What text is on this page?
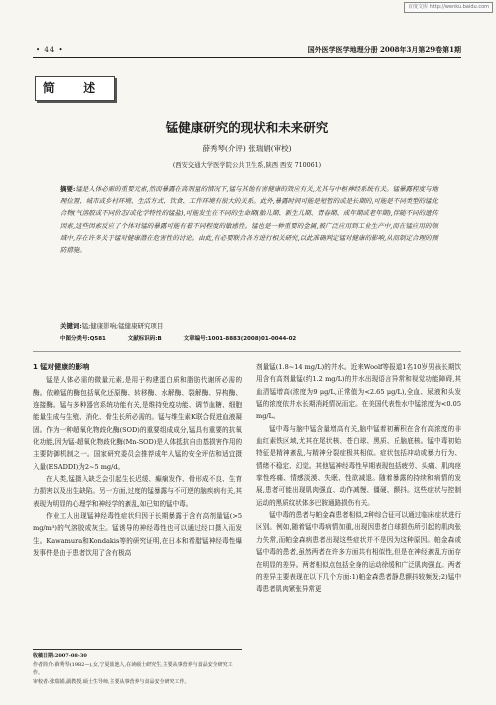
百度文库 http://wenku.baidu.com
• 44 •	国外医学医学地理分册 2008年3月第29卷第1期
简 述
锰健康研究的现状和未来研究
薛秀琴(介评) 张瑞娟(审校)
(西安交通大学医学院公共卫生系,陕西 西安 710061)
摘要:锰是人体必需的重要元素,然而暴露在高剂量的情况下,锰与其他有害健康的效应有关,尤其与中枢神经系统有关。锰暴露程度与地理位置、城市或乡村环境、生活方式、饮食、工作环境有很大的关系。此外,暴露时间可能是短暂的或是长期的,可能是不同类型的锰化合物(气溶胶或不同价态/或化学特性的锰盐),可能发生在不同的生命期(胎儿期、新生儿期、青春期、成年期或老年期),伴随不同的遗传因素,这些因素反应了个体对锰的暴露可能有着不同程度的敏感性。锰也是一种重要的金属,被广泛应用到工业生产中,而在锰应用的领域中,存在许多关于锰对健康潜在危害性的讨论。由此,有必要联合各方进行相关研究,以此准确判定锰对健康的影响,从而制定合理的预防措施。
关键词:锰;健康影响;锰健康研究项目
中图分类号:Q581	文献标识码:B	文章编号:1001-8883(2008)01-0044-02
1 锰对健康的影响

锰是人体必需的微量元素,是用于构建蛋白质和脂肪代谢所必需的酶。依赖锰的酶包括氧化还原酶、转移酶、水解酶、裂解酶、异构酶、连接酶。锰与多种器官系统功能有关,是维持免疫功能、调节血糖、细胞能量生成与生殖、消化、骨生长所必需的。锰与维生素K联合促进血液凝固。作为一种超氧化物歧化酶(SOD)的重要组成成分,锰具有重要的抗氧化功能,因为锰-超氧化物歧化酶(Mn-SOD)是人体抵抗自由基损害作用的主要防御机制之一。国家研究委员会推荐成年人锰的安全评估和适宜摄入量(ESADDI)为2~5 mg/d。

在人类,锰摄入缺乏会引起生长迟缓、癫痫发作、骨形成不良、生育力损害以及出生缺陷。另一方面,过度的锰暴露与不可逆的脑疾病有关,其表现为明显的心理学和神经学的紊乱,如已知的锰中毒。

作业工人出现锰神经毒性症状归因于长期暴露于含有高剂量锰(>5 mg/m³)的气溶胶或灰尘。锰诱导的神经毒性也可以通过经口摄入而发生。Kawamura和Kondakis等的研究证明,在日本和希腊锰神经毒性爆发事件是由于患者饮用了含有极高

剂量锰(1.8~14 mg/L)的井水。近来Woolf等报道1名10岁男孩长期饮用含有高剂量锰(约1.2 mg/L)的井水出现语言异常和视觉功能障碍,其血清锰增高(浓度为9 μg/L,正常值为<2.65 μg/L),全血、尿液和头发锰的浓度依井水长期消耗情况而定。在美国代表性水中锰浓度为<0.05 mg/L。

锰中毒与脑中锰含量增高有关,脑中锰着初蓄积在含有高浓度的非血红素铁区域,尤其在尾状核、苍白球、黑质、丘脑底核。锰中毒初始特征是精神紊乱,与精神分裂症极其相似。症状包括冲动或暴力行为、情绪不稳定、幻觉。其他锰神经毒性早期表现包括疲劳、头痛、肌肉痉挛性疼痛、情感淡漠、失眠、性欲减退。随着暴露的持续和病情的发展,患者可能出现肌肉强直、动作减慢、僵硬、颤抖。这些症状与控制运动的黑质纹状体多巴胺通路损伤有关。

锰中毒的患者与帕金森患者相似,2种综合征可以通过临床症状进行区别。例如,随着锰中毒病情加重,出现因患者白球损伤所引起的肌肉张力失常,而帕金森病患者出现这些症状并不是因为这种原因。帕金森或锰中毒的患者,虽然两者在许多方面共有相似性,但是在神经紊乱方面存在明显的差异。两者相似点包括全身的运动徐缓和广泛肌肉强直。两者的差异主要表现在以下几个方面:1)帕金森患者静息颤抖较频发;2)锰中毒患者肌肉紧张异常更

收稿日期:2007-08-30
作者简介:薛秀琴(1982—),女,宁夏盐池人,在读硕士研究生,主要从事营养与食品安全研究工作。
审校者:张瑞娟,副教授,硕士生导师,主要从事营养与食品安全研究工作。
